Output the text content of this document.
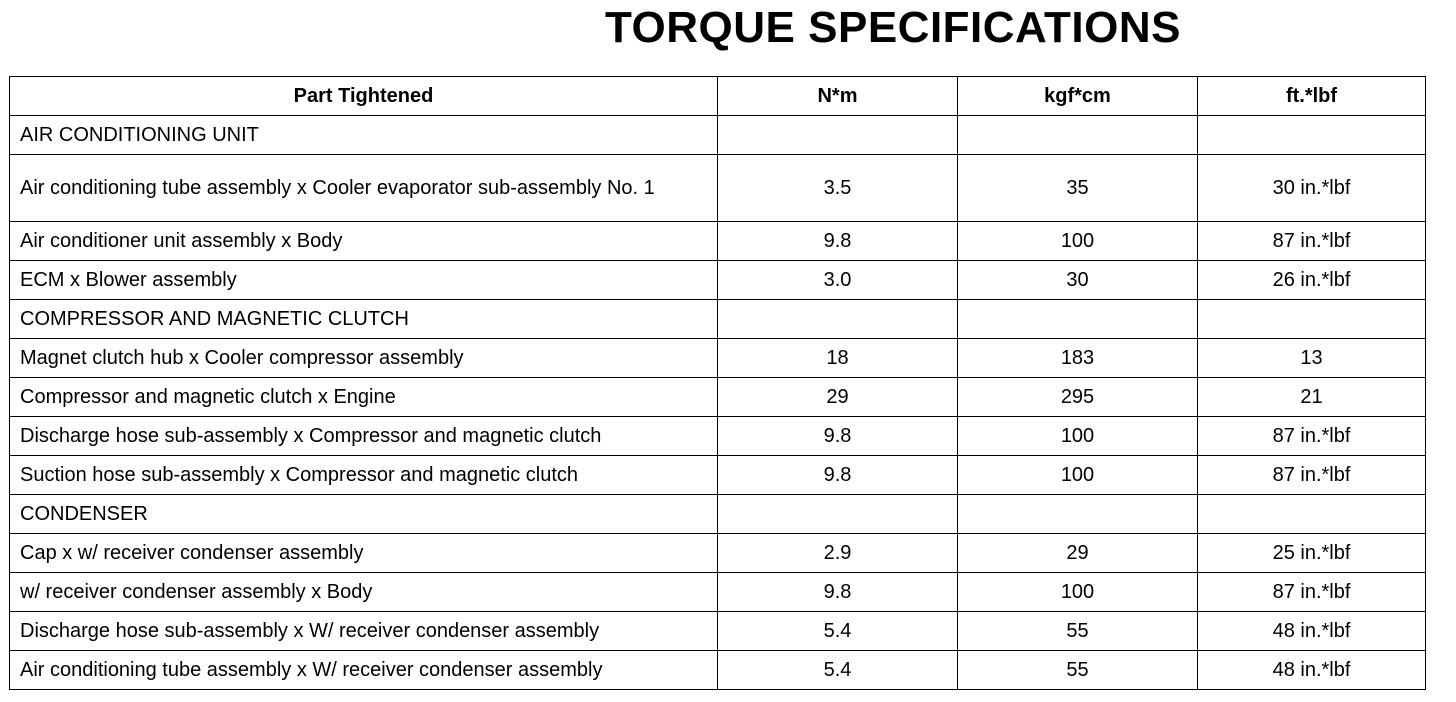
TORQUE SPECIFICATIONS
Part Tightened	N*m	kgf*cm	ft.*lbf
AIR CONDITIONING UNIT			
Air conditioning tube assembly x Cooler evaporator sub-assembly No. 1	3.5	35	30 in.*lbf
Air conditioner unit assembly x Body	9.8	100	87 in.*lbf
ECM x Blower assembly	3.0	30	26 in.*lbf
COMPRESSOR AND MAGNETIC CLUTCH			
Magnet clutch hub x Cooler compressor assembly	18	183	13
Compressor and magnetic clutch x Engine	29	295	21
Discharge hose sub-assembly x Compressor and magnetic clutch	9.8	100	87 in.*lbf
Suction hose sub-assembly x Compressor and magnetic clutch	9.8	100	87 in.*lbf
CONDENSER			
Cap x w/ receiver condenser assembly	2.9	29	25 in.*lbf
w/ receiver condenser assembly x Body	9.8	100	87 in.*lbf
Discharge hose sub-assembly x W/ receiver condenser assembly	5.4	55	48 in.*lbf
Air conditioning tube assembly x W/ receiver condenser assembly	5.4	55	48 in.*lbf
